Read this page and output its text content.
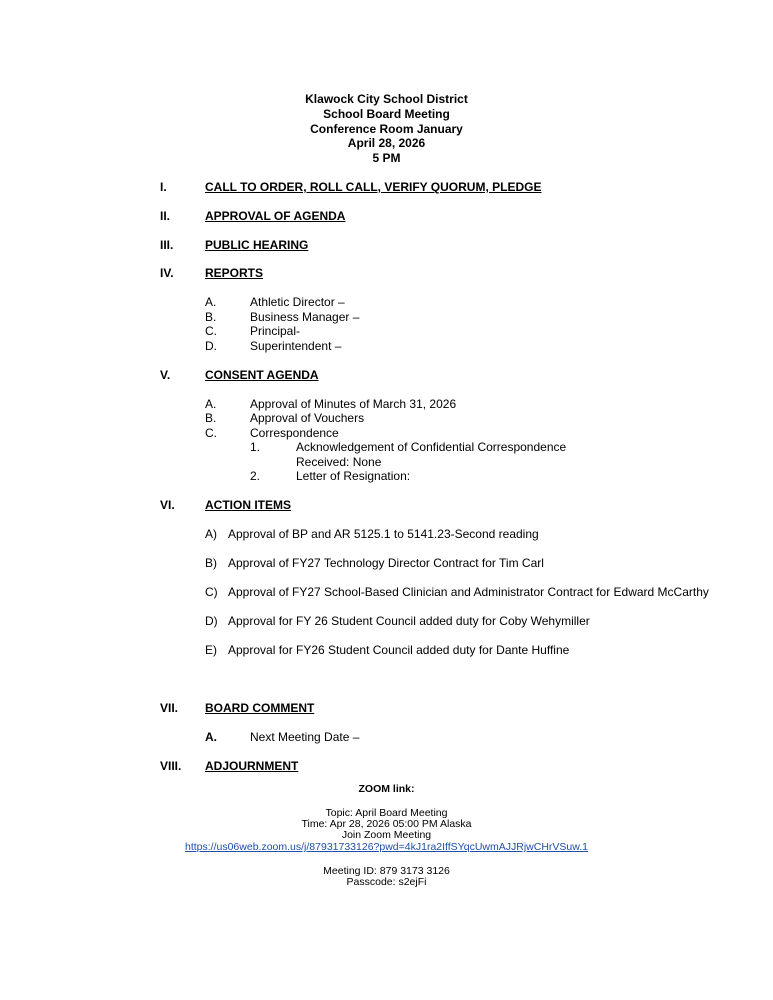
Klawock City School District
School Board Meeting
Conference Room January
April 28, 2026
5 PM
I.	CALL TO ORDER, ROLL CALL, VERIFY QUORUM, PLEDGE
II.	APPROVAL OF AGENDA
III.	PUBLIC HEARING
IV.	REPORTS
A.	Athletic Director –
B.	Business Manager –
C.	Principal-
D.	Superintendent –
V.	CONSENT AGENDA
A.	Approval of Minutes of March 31, 2026
B.	Approval of Vouchers
C.	Correspondence
1.	Acknowledgement of Confidential Correspondence
Received: None
2.	Letter of Resignation:
VI.	ACTION ITEMS
A) Approval of BP and AR 5125.1 to 5141.23-Second reading
B) Approval of FY27 Technology Director Contract for Tim Carl
C) Approval of FY27 School-Based Clinician and Administrator Contract for Edward McCarthy
D) Approval for FY 26 Student Council added duty for Coby Wehymiller
E) Approval for FY26 Student Council added duty for Dante Huffine
VII. BOARD COMMENT
A.	Next Meeting Date –
VIII. ADJOURNMENT
ZOOM link:
Topic: April Board Meeting
Time: Apr 28, 2026 05:00 PM Alaska
Join Zoom Meeting
https://us06web.zoom.us/j/87931733126?pwd=4kJ1ra2IffSYqcUwmAJJRjwCHrVSuw.1
Meeting ID: 879 3173 3126
Passcode: s2ejFi
